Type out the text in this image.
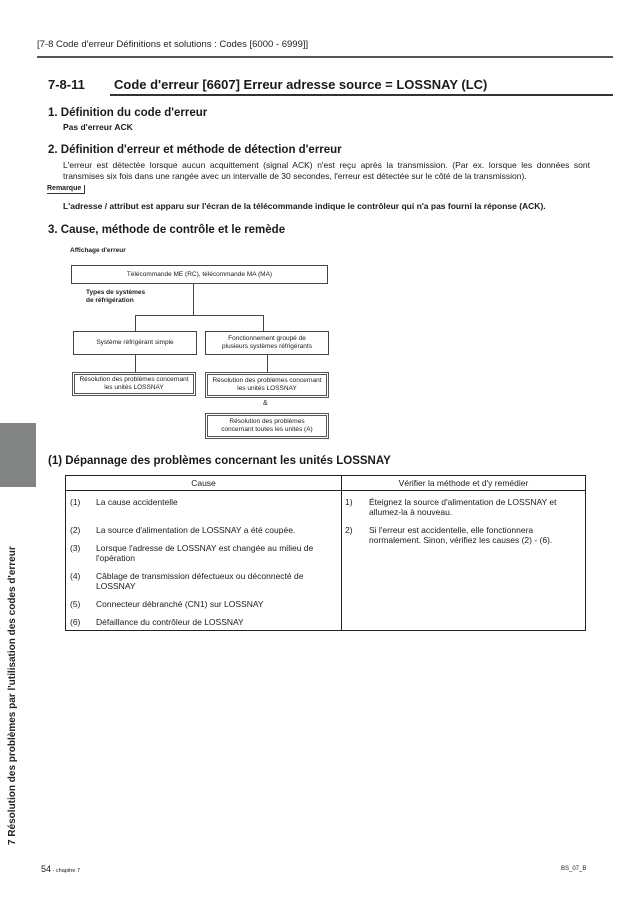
[7-8 Code d'erreur Définitions et solutions : Codes [6000 - 6999]]
7-8-11 Code d'erreur [6607] Erreur adresse source = LOSSNAY (LC)
1. Définition du code d'erreur
Pas d'erreur ACK
2. Définition d'erreur et méthode de détection d'erreur
L'erreur est détectée lorsque aucun acquittement (signal ACK) n'est reçu après la transmission. (Par ex. lorsque les données sont transmises six fois dans une rangée avec un intervalle de 30 secondes, l'erreur est détectée sur le côté de la transmission).
Remarque
L'adresse / attribut est apparu sur l'écran de la télécommande indique le contrôleur qui n'a pas fourni la réponse (ACK).
3. Cause, méthode de contrôle et le remède
Affichage d'erreur
Télécommande ME (RC), télécommande MA (MA)
Types de systèmes
de réfrigération
Système réfrigérant simple
Fonctionnement groupé de
plusieurs systèmes réfrigérants
Résolution des problèmes concernant
les unités LOSSNAY
Résolution des problèmes concernant
les unités LOSSNAY
&
Résolution des problèmes
concernant toutes les unités (A)
7 Résolution des problèmes par l'utilisation des codes d'erreur
(1) Dépannage des problèmes concernant les unités LOSSNAY
Cause	Vérifier la méthode et d'y remédier

(1)	La cause accidentelle
(2)	La source d'alimentation de LOSSNAY a été coupée.
(3)	Lorsque l'adresse de LOSSNAY est changée au milieu de l'opération
(4)	Câblage de transmission défectueux ou déconnecté de LOSSNAY
(5)	Connecteur débranché (CN1) sur LOSSNAY
(6)	Défaillance du contrôleur de LOSSNAY

1)	Éteignez la source d'alimentation de LOSSNAY et allumez-la à nouveau.
2)	Si l'erreur est accidentelle, elle fonctionnera normalement. Sinon, vérifiez les causes (2) - (6).
54 - chapitre 7	BS_07_B
